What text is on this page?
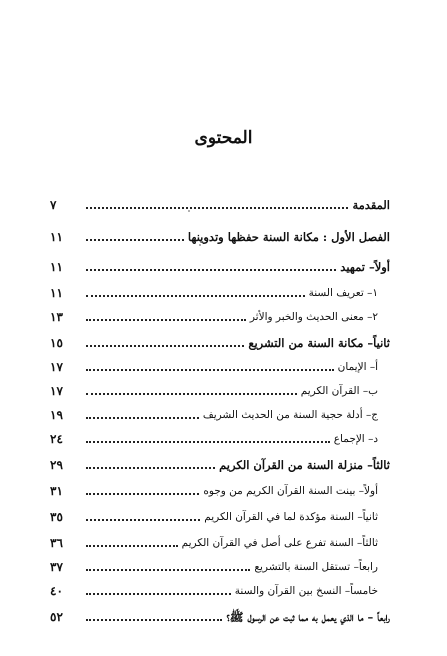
المحتوى
المقدمة
٧
الفصل الأول : مكانة السنة حفظها وتدوينها
١١
أولاً– تمهيد
١١
١– تعريف السنة
١١
٢– معنى الحديث والخبر والأثر
١٣
ثانياً– مكانة السنة من التشريع
١٥
أ– الإيمان
١٧
ب– القرآن الكريم
١٧
ج– أدلة حجية السنة من الحديث الشريف
١٩
د– الإجماع
٢٤
ثالثاً– منزلة السنة من القرآن الكريم
٢٩
أولاً– بينت السنة القرآن الكريم من وجوه
٣١
ثانياً– السنة مؤكدة لما في القرآن الكريم
٣٥
ثالثاً– السنة تفرع على أصل في القرآن الكريم
٣٦
رابعاً– تستقل السنة بالتشريع
٣٧
خامساً– النسخ بين القرآن والسنة
٤٠
رابعاً – ما الذي يعمل به مما ثبت عن الرسول ﷺ؟
٥٢
